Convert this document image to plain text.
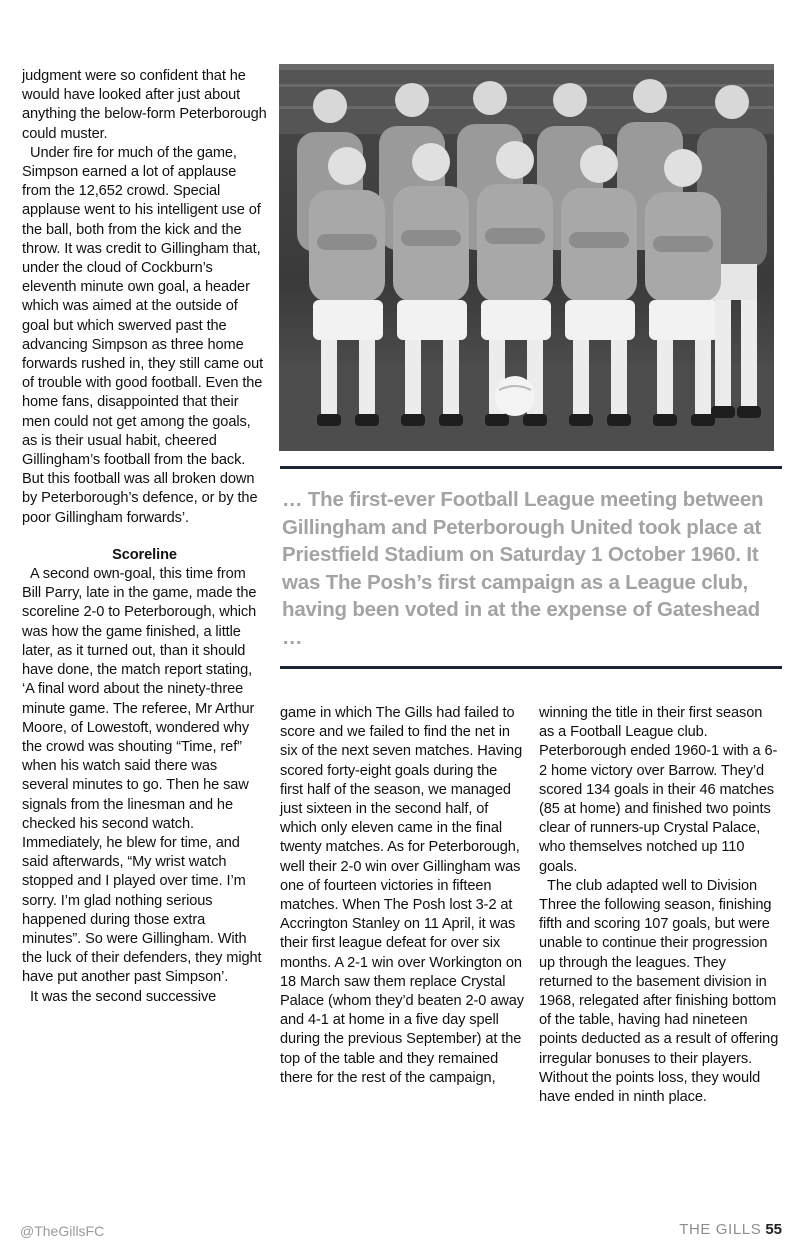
judgment were so confident that he would have looked after just about anything the below-form Peterborough could muster.

Under fire for much of the game, Simpson earned a lot of applause from the 12,652 crowd. Special applause went to his intelligent use of the ball, both from the kick and the throw. It was credit to Gillingham that, under the cloud of Cockburn’s eleventh minute own goal, a header which was aimed at the outside of goal but which swerved past the advancing Simpson as three home forwards rushed in, they still came out of trouble with good football. Even the home fans, disappointed that their men could not get among the goals, as is their usual habit, cheered Gillingham’s football from the back. But this football was all broken down by Peterborough’s defence, or by the poor Gillingham forwards’.

Scoreline

A second own-goal, this time from Bill Parry, late in the game, made the scoreline 2-0 to Peterborough, which was how the game finished, a little later, as it turned out, than it should have done, the match report stating, ‘A final word about the ninety-three minute game. The referee, Mr Arthur Moore, of Lowestoft, wondered why the crowd was shouting “Time, ref” when his watch said there was several minutes to go. Then he saw signals from the linesman and he checked his second watch. Immediately, he blew for time, and said afterwards, “My wrist watch stopped and I played over time. I’m sorry. I’m glad nothing serious happened during those extra minutes”. So were Gillingham. With the luck of their defenders, they might have put another past Simpson’.

It was the second successive

… The first-ever Football League meeting between Gillingham and Peterborough United took place at Priestfield Stadium on Saturday 1 October 1960. It was The Posh’s first campaign as a League club, having been voted in at the expense of Gateshead …

game in which The Gills had failed to score and we failed to find the net in six of the next seven matches. Having scored forty-eight goals during the first half of the season, we managed just sixteen in the second half, of which only eleven came in the final twenty matches. As for Peterborough, well their 2-0 win over Gillingham was one of fourteen victories in fifteen matches. When The Posh lost 3-2 at Accrington Stanley on 11 April, it was their first league defeat for over six months. A 2-1 win over Workington on 18 March saw them replace Crystal Palace (whom they’d beaten 2-0 away and 4-1 at home in a five day spell during the previous September) at the top of the table and they remained there for the rest of the campaign,

winning the title in their first season as a Football League club. Peterborough ended 1960-1 with a 6-2 home victory over Barrow. They’d scored 134 goals in their 46 matches (85 at home) and finished two points clear of runners-up Crystal Palace, who themselves notched up 110 goals.

The club adapted well to Division Three the following season, finishing fifth and scoring 107 goals, but were unable to continue their progression up through the leagues. They returned to the basement division in 1968, relegated after finishing bottom of the table, having had nineteen points deducted as a result of offering irregular bonuses to their players. Without the points loss, they would have ended in ninth place.

@TheGillsFC	THE GILLS 55
